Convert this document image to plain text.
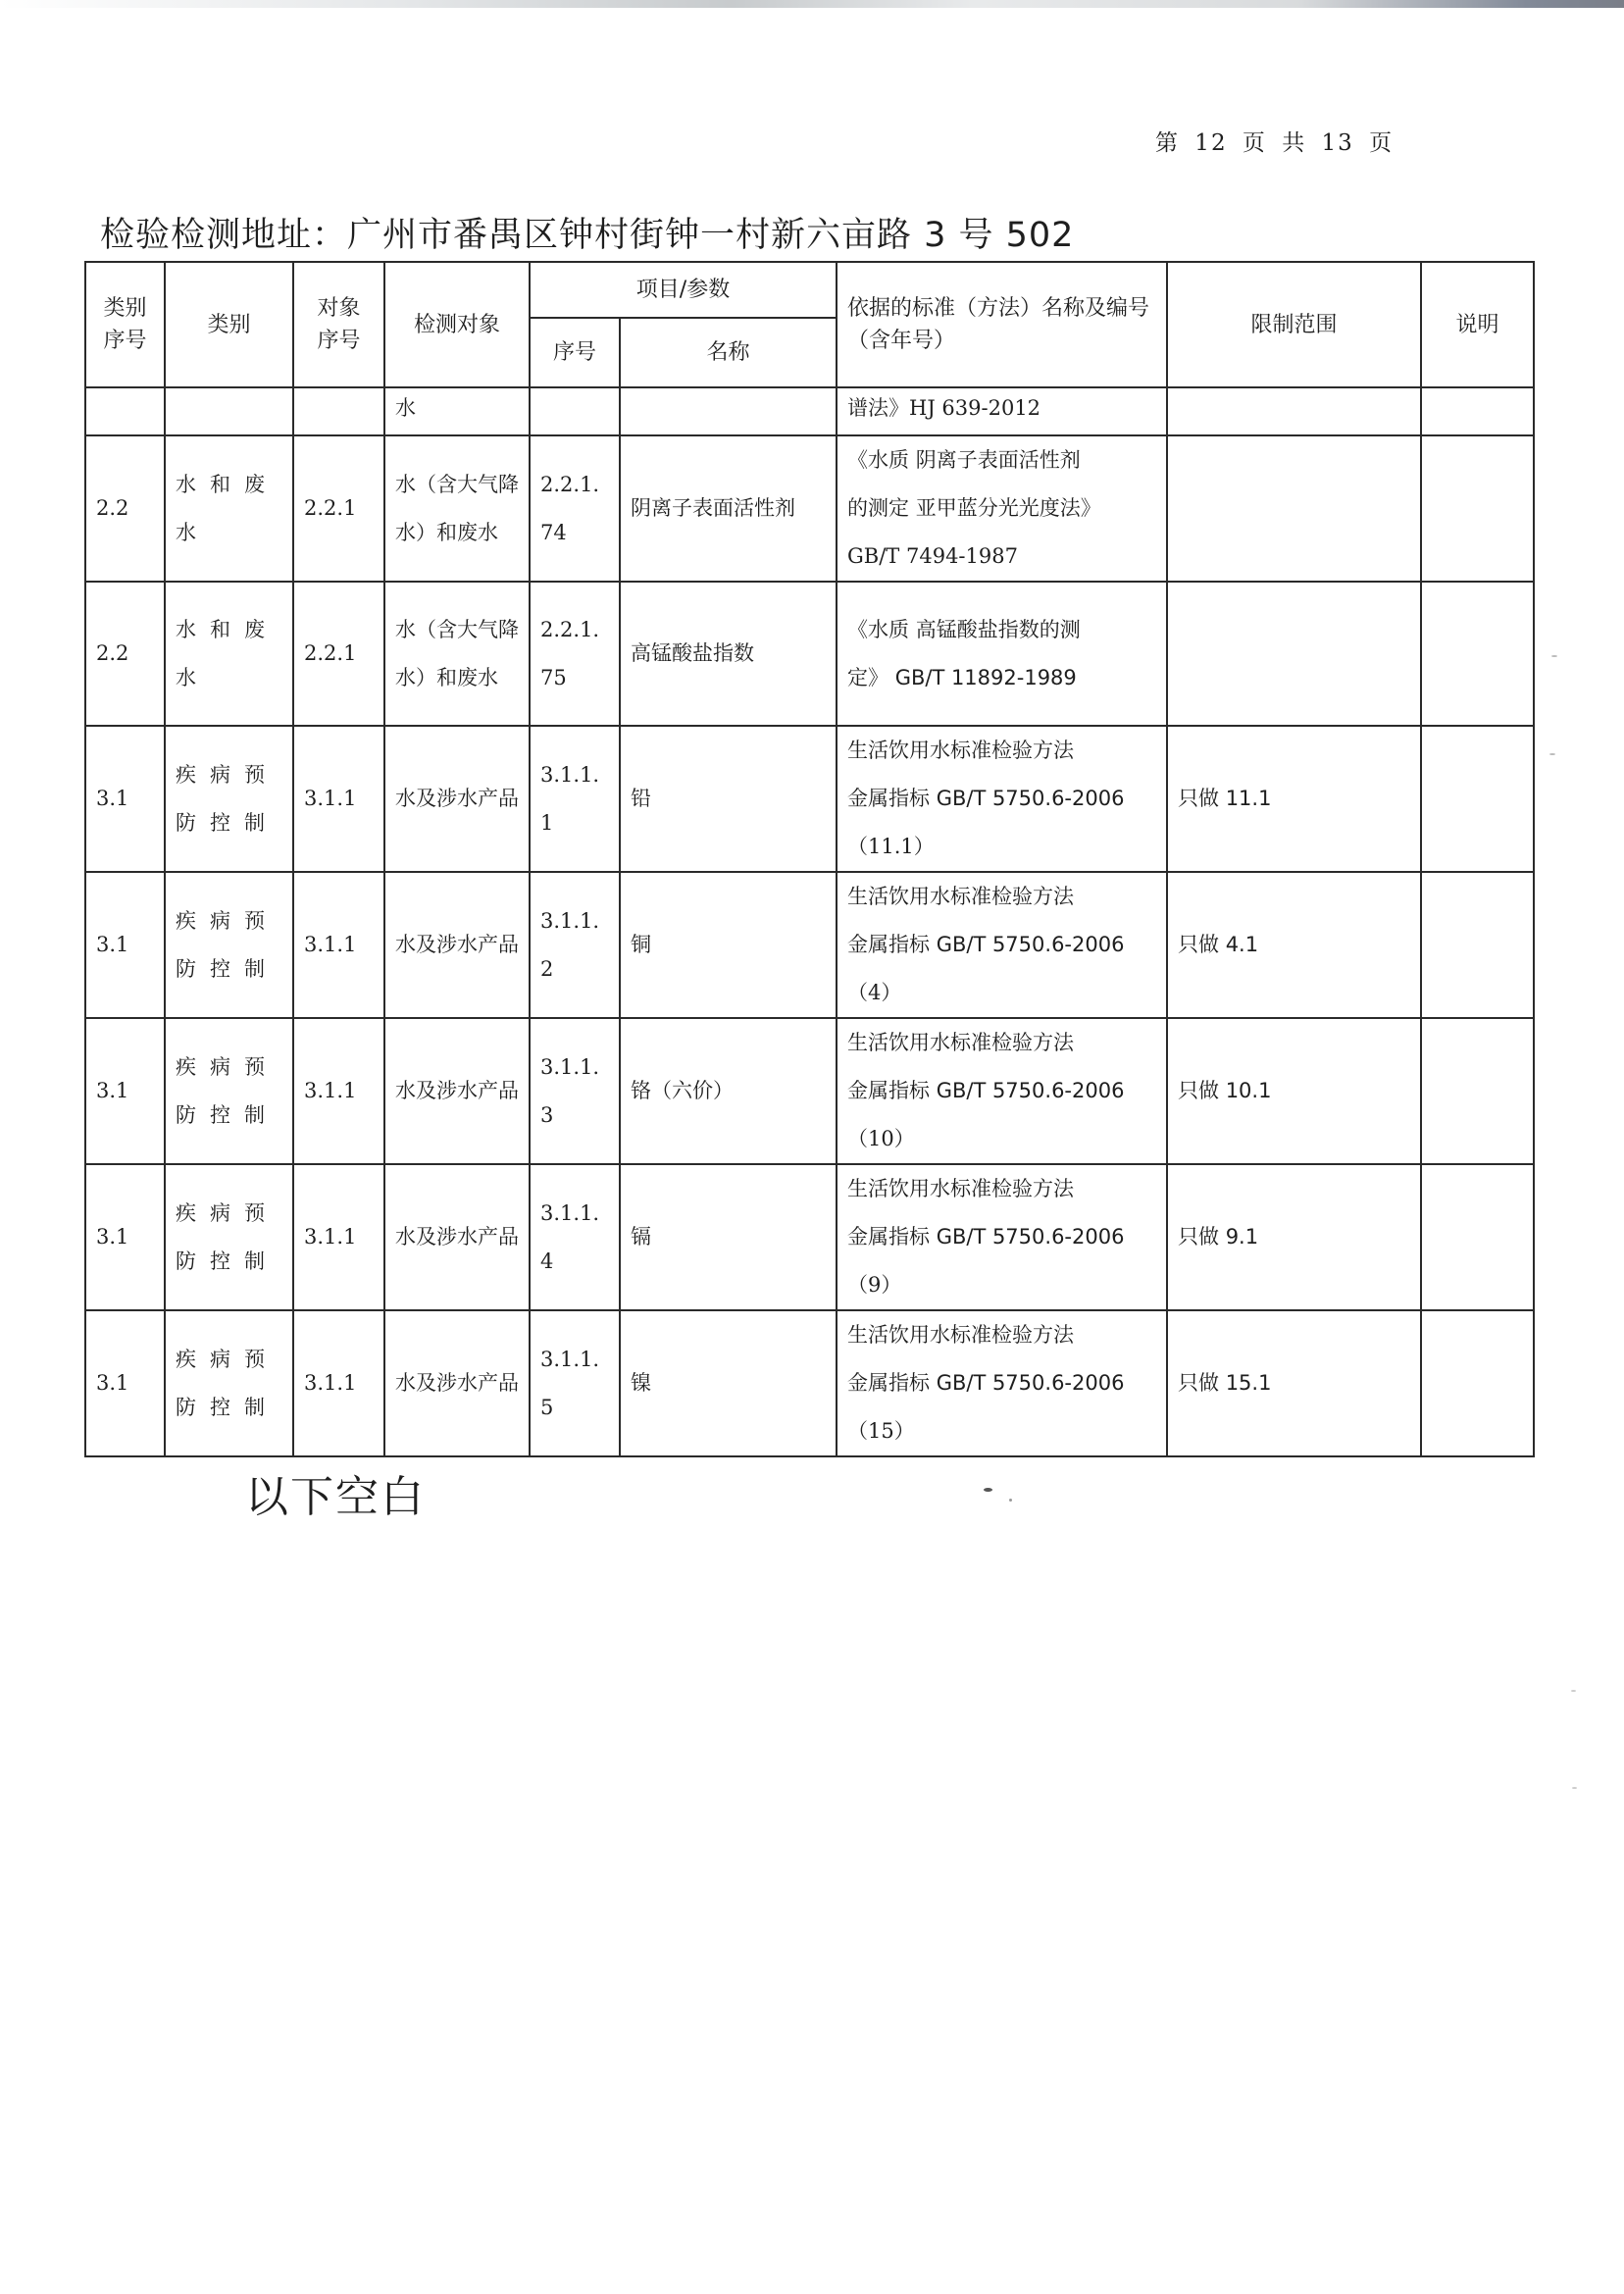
第 12 页 共 13 页
检验检测地址：广州市番禺区钟村街钟一村新六亩路 3 号 502
类别序号	类别	对象序号	检测对象	项目/参数		依据的标准（方法）名称及编号（含年号）	限制范围	说明
				序号	名称			
			水			谱法》HJ 639-2012		
2.2	水和废水	2.2.1	水（含大气降水）和废水	2.2.1.74	阴离子表面活性剂	《水质 阴离子表面活性剂
的测定 亚甲蓝分光光度法》
GB/T 7494-1987		

2.2	水和废水	2.2.1	水（含大气降水）和废水	2.2.1.75	高锰酸盐指数	《水质 高锰酸盐指数的测
定》 GB/T 11892-1989		

3.1	疾病预防控制	3.1.1	水及涉水产品	3.1.1.1	铅	生活饮用水标准检验方法
金属指标 GB/T 5750.6-2006
（11.1）	只做 11.1	
3.1	疾病预防控制	3.1.1	水及涉水产品	3.1.1.2	铜	生活饮用水标准检验方法
金属指标 GB/T 5750.6-2006
（4）	只做 4.1	
3.1	疾病预防控制	3.1.1	水及涉水产品	3.1.1.3	铬（六价）	生活饮用水标准检验方法
金属指标 GB/T 5750.6-2006
（10）	只做 10.1	
3.1	疾病预防控制	3.1.1	水及涉水产品	3.1.1.4	镉	生活饮用水标准检验方法
金属指标 GB/T 5750.6-2006
（9）	只做 9.1	
3.1	疾病预防控制	3.1.1	水及涉水产品	3.1.1.5	镍	生活饮用水标准检验方法
金属指标 GB/T 5750.6-2006
（15）	只做 15.1	
以下空白
